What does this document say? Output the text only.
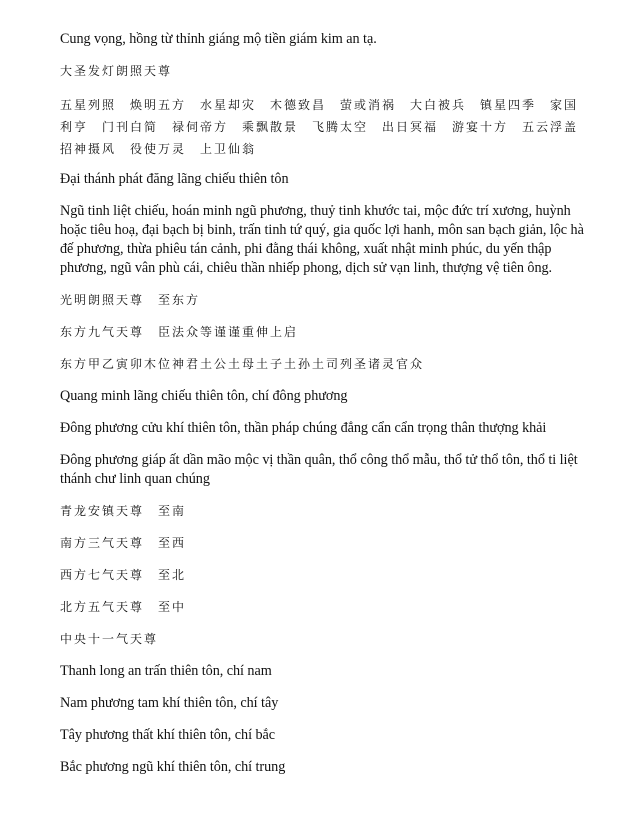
Cung vọng, hồng từ thỉnh giáng mộ tiền giám kim an tạ.

大圣发灯朗照天尊

五星列照　焕明五方　水星却灾　木德致昌　萤或消祸　大白被兵　镇星四季　家国利亨　门刊白简　禄伺帝方　乘飘散景　飞腾太空　出日冥福　游宴十方　五云浮盖　招神摄风　役使万灵　上卫仙翁

Đại thánh phát đăng lãng chiếu thiên tôn

Ngũ tinh liệt chiếu, hoán minh ngũ phương, thuỷ tinh khước tai, mộc đức trí xương, huỳnh hoặc tiêu hoạ, đại bạch bị binh, trấn tinh tứ quý, gia quốc lợi hanh, môn san bạch giản, lộc hà đế phương, thừa phiêu tán cảnh, phi đằng thái không, xuất nhật minh phúc, du yến thập phương, ngũ vân phù cái, chiêu thần nhiếp phong, dịch sử vạn linh, thượng vệ tiên ông.

光明朗照天尊　至东方

东方九气天尊　臣法众等谨谨重伸上启

东方甲乙寅卯木位神君土公土母土子土孙土司列圣诸灵官众

Quang minh lãng chiếu thiên tôn, chí đông phương

Đông phương cửu khí thiên tôn, thần pháp chúng đẳng cẩn cẩn trọng thân thượng khải

Đông phương giáp ất dần mão mộc vị thần quân, thổ công thổ mẫu, thổ tử thổ tôn, thổ ti liệt thánh chư linh quan chúng

青龙安镇天尊　至南

南方三气天尊　至西

西方七气天尊　至北

北方五气天尊　至中

中央十一气天尊

Thanh long an trấn thiên tôn, chí nam

Nam phương tam khí thiên tôn, chí tây

Tây phương thất khí thiên tôn, chí bắc

Bắc phương ngũ khí thiên tôn, chí trung
